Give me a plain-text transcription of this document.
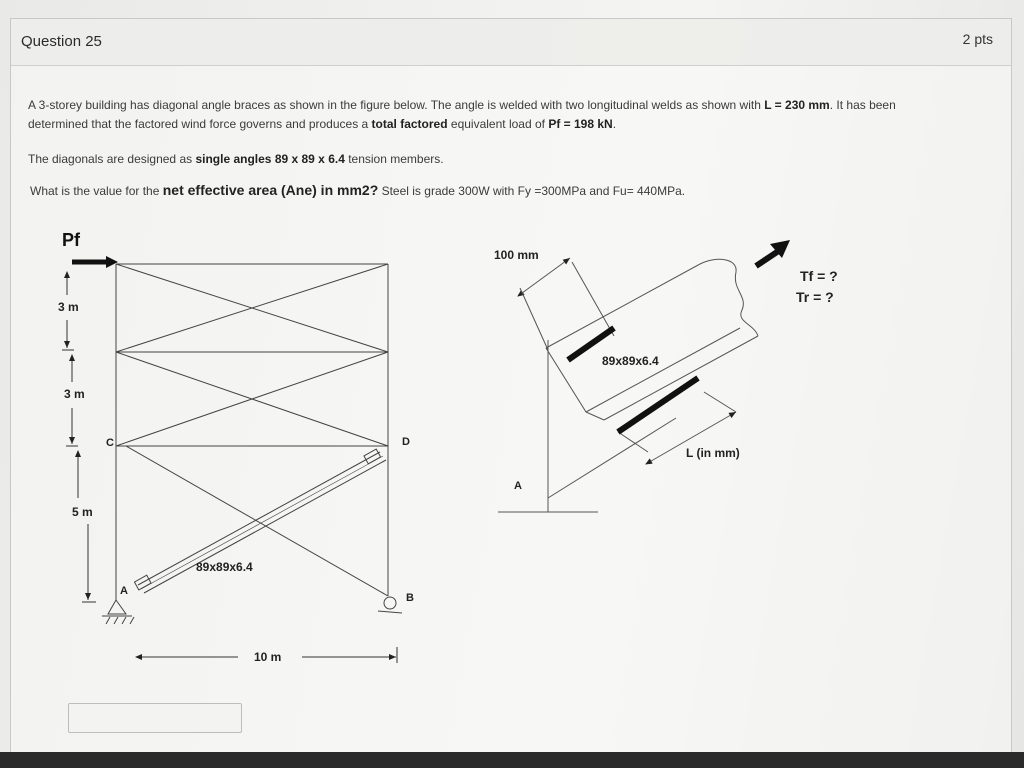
Question 25	2 pts
A 3-storey building has diagonal angle braces as shown in the figure below. The angle is welded with two longitudinal welds as shown with L = 230 mm. It has been
determined that the factored wind force governs and produces a total factored equivalent load of Pf = 198 kN.
The diagonals are designed as single angles 89 x 89 x 6.4 tension members.
What is the value for the net effective area (Ane) in mm2? Steel is grade 300W with Fy =300MPa and Fu= 440MPa.
Pf
3 m
3 m
5 m
10 m
A
B
C	D
89x89x6.4
100 mm
89x89x6.4
L (in mm)
A
Tf = ?
Tr = ?
